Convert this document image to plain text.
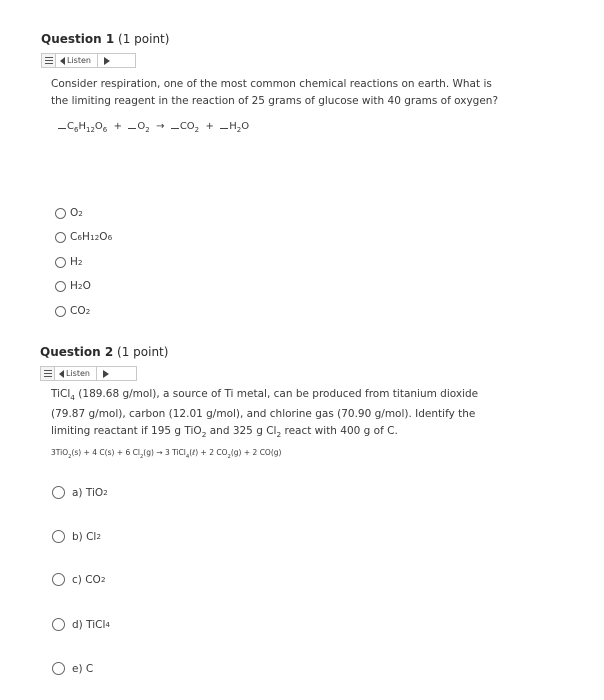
Question 1 (1 point)
Listen

Consider respiration, one of the most common chemical reactions on earth. What is

the limiting reagent in the reaction of 25 grams of glucose with 40 grams of oxygen?

$C_6H_{12}O_6 + O_2 \to CO_2 + H_2O$
O 2
C 6 H 12 O 6
H 2
H 2 O
CO 2
Question 2 (1 point)
Listen

TiCl$_4$ (189.68 g/mol), a source of Ti metal, can be produced from titanium dioxide

(79.87 g/mol), carbon (12.01 g/mol), and chlorine gas (70.90 g/mol). Identify the

limiting reactant if 195 g TiO$_2$ and 325 g $Cl_2$ react with 400 g of C.

3TiO$_2$(s) + 4 C(s) + 6 $Cl_2(g) \to 3$ TiCl$_4$(ℓ) + 2 $CO_2(g) + 2$ CO(g)
a) TiO 2
b) Cl 2
c) CO 2
d) TiCl 4
e) C
